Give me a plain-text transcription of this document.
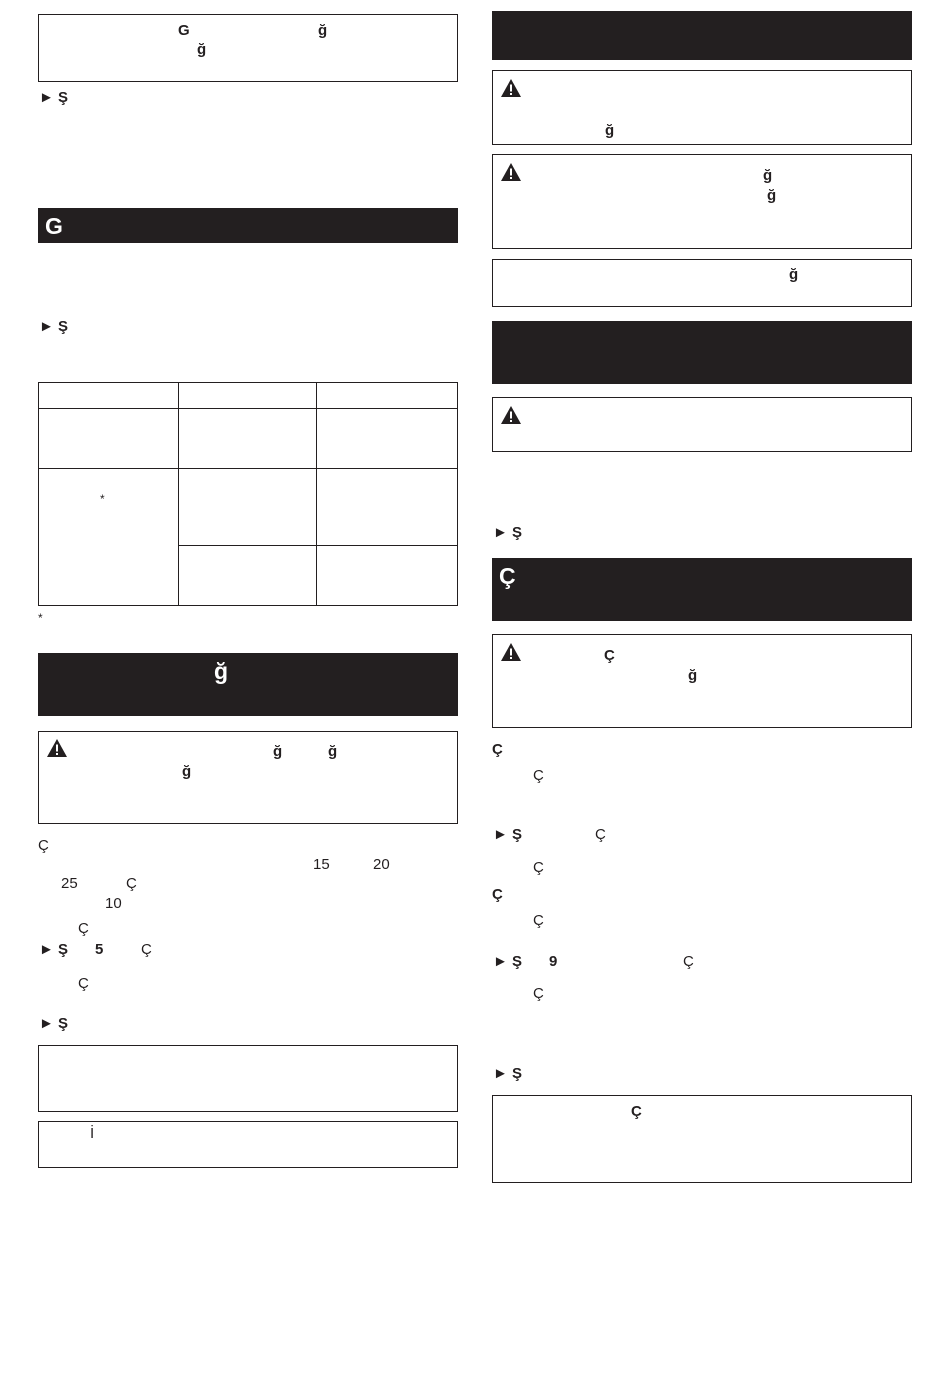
G	ğ
ğ
► Ş
G
► Ş

*		

*
ğ
ğ	ğ
ğ
Ç
15	20
25	Ç
10
Ç
► Ş 5	Ç
Ç
► Ş
İ
ğ
ğ
ğ
ğ
► Ş
Ç
Ç
ğ
Ç
Ç
► Ş	Ç
Ç
Ç
Ç
► Ş 9	Ç
Ç
► Ş
Ç
